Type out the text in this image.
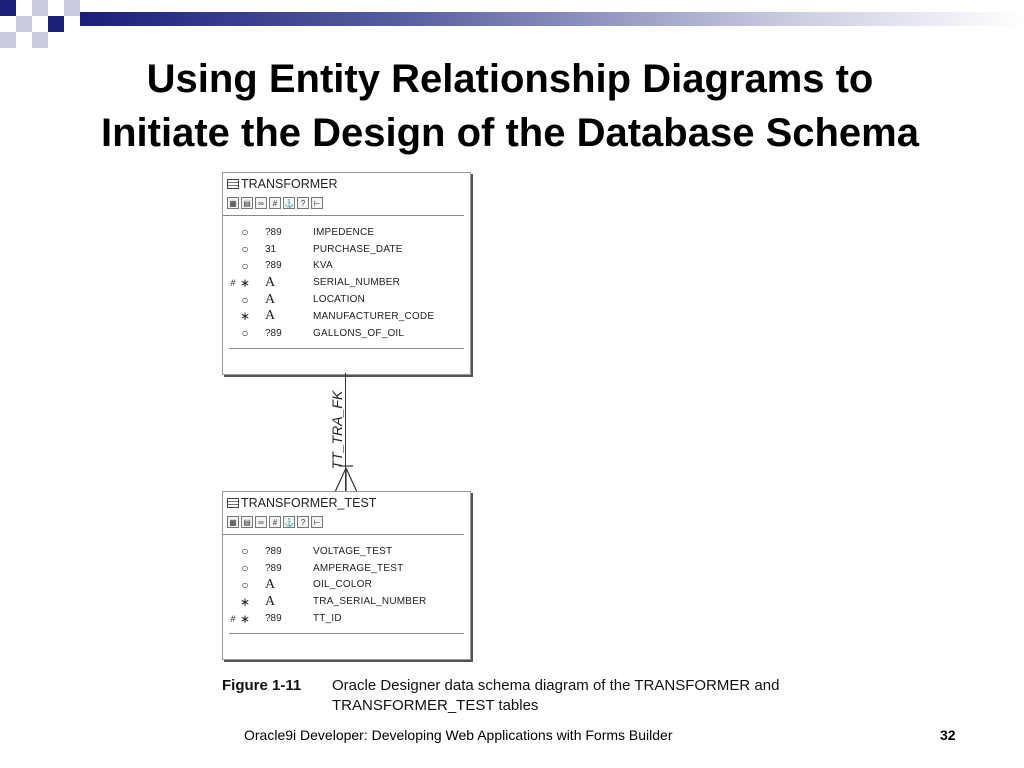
Using Entity Relationship Diagrams to
Initiate the Design of the Database Schema
TRANSFORMER
▦ ▤ ∞	# ⚓ ?	⊢
○	?89	IMPEDENCE
○	31	PURCHASE_DATE
○	?89	KVA
# ∗	A	SERIAL_NUMBER
○	A	LOCATION
∗	A	MANUFACTURER_CODE
○	?89	GALLONS_OF_OIL
TT_TRA_FK
TRANSFORMER_TEST
▦ ▤ ∞	# ⚓ ?	⊢
○	?89	VOLTAGE_TEST
○	?89	AMPERAGE_TEST
○	A	OIL_COLOR
∗	A	TRA_SERIAL_NUMBER
# ∗	?89	TT_ID
Figure 1-11 Oracle Designer data schema diagram of the TRANSFORMER and TRANSFORMER_TEST tables
Oracle9i Developer: Developing Web Applications with Forms Builder	32
